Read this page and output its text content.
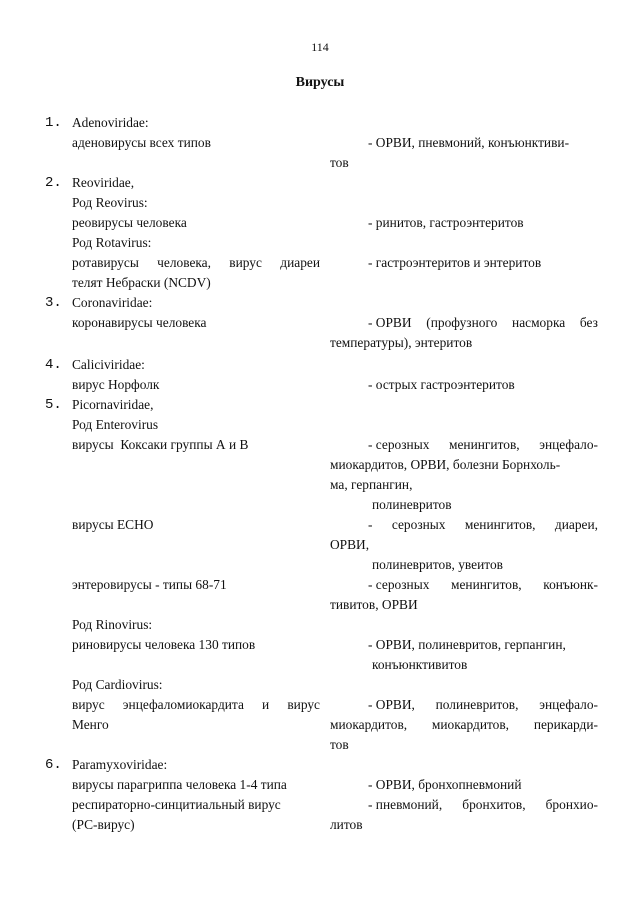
114
Вирусы
1. Adenoviridae:
2. Reoviridae,
3. Coronaviridae:
4. Caliciviridae:
5. Picornaviridae,
6. Paramyxoviridae:
аденовирусы всех типов
Род Reovirus:
реовирусы человека
Род Rotavirus:
ротавирусы человека, вирус диареи
телят Небраски (NCDV)
коронавирусы человека
вирус Норфолк
Род Enterovirus
вирусы  Коксаки группы А и В
вирусы ЕСНО
энтеровирусы - типы 68-71
Род Rinovirus:
риновирусы человека 130 типов
Род Cardiovirus:
вирус энцефаломиокардита и вирус
Менго
вирусы парагриппа человека 1-4 типа
респираторно-синцитиальный вирус
(РС-вирус)
- ОРВИ, пневмоний, конъюнктиви-
тов
- ринитов, гастроэнтеритов
- гастроэнтеритов и энтеритов
- ОРВИ (профузного насморка без
температуры), энтеритов
- острых гастроэнтеритов
- серозных менингитов, энцефало-
миокардитов, ОРВИ, болезни Борнхоль-
ма, герпангин,
полиневритов
- серозных менингитов, диареи,
ОРВИ,
полиневритов, увеитов
- серозных менингитов, конъюнк-
тивитов, ОРВИ
- ОРВИ, полиневритов, герпангин,
конъюнктивитов
- ОРВИ, полиневритов, энцефало-
миокардитов, миокардитов, перикарди-
тов
- ОРВИ, бронхопневмоний
- пневмоний, бронхитов, бронхио-
литов
